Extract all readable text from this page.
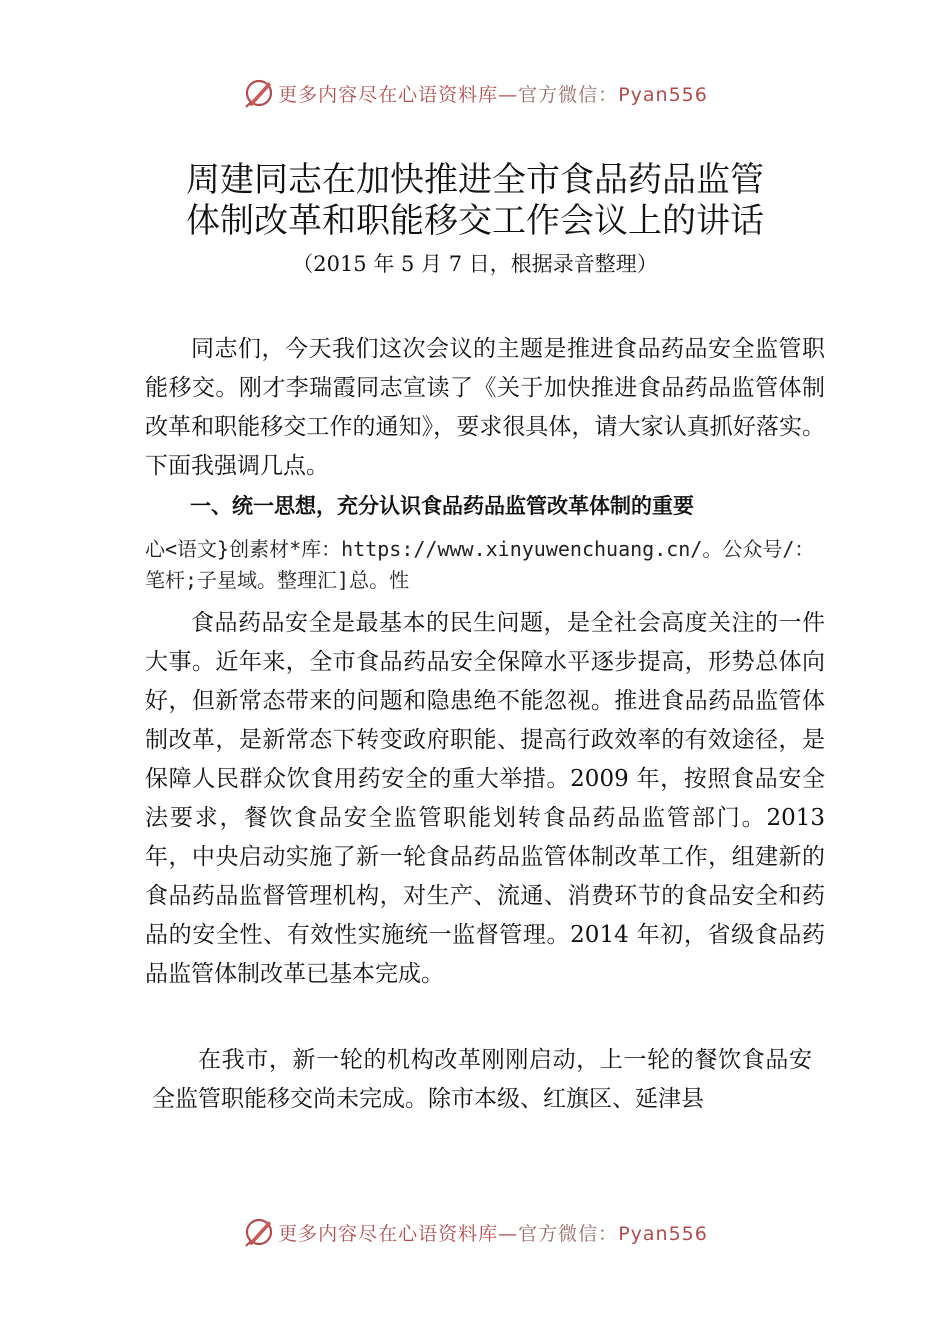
更多内容尽在心语资料库—官方微信：Pyan556
周建同志在加快推进全市食品药品监管
体制改革和职能移交工作会议上的讲话
（2015 年 5 月 7 日，根据录音整理）
同志们，今天我们这次会议的主题是推进食品药品安全监管职能移交。刚才李瑞霞同志宣读了《关于加快推进食品药品监管体制改革和职能移交工作的通知》，要求很具体，请大家认真抓好落实。下面我强调几点。
一、统一思想，充分认识食品药品监管改革体制的重要
心<语文}创素材*库：https://www.xinyuwenchuang.cn/。公众号/：笔杆;子星域。整理汇]总。性
食品药品安全是最基本的民生问题，是全社会高度关注的一件大事。近年来，全市食品药品安全保障水平逐步提高，形势总体向好，但新常态带来的问题和隐患绝不能忽视。推进食品药品监管体制改革，是新常态下转变政府职能、提高行政效率的有效途径，是保障人民群众饮食用药安全的重大举措。2009 年，按照食品安全法要求，餐饮食品安全监管职能划转食品药品监管部门。2013 年，中央启动实施了新一轮食品药品监管体制改革工作，组建新的食品药品监督管理机构，对生产、流通、消费环节的食品安全和药品的安全性、有效性实施统一监督管理。2014 年初，省级食品药品监管体制改革已基本完成。
在我市，新一轮的机构改革刚刚启动，上一轮的餐饮食品安全监管职能移交尚未完成。除市本级、红旗区、延津县
更多内容尽在心语资料库—官方微信：Pyan556
